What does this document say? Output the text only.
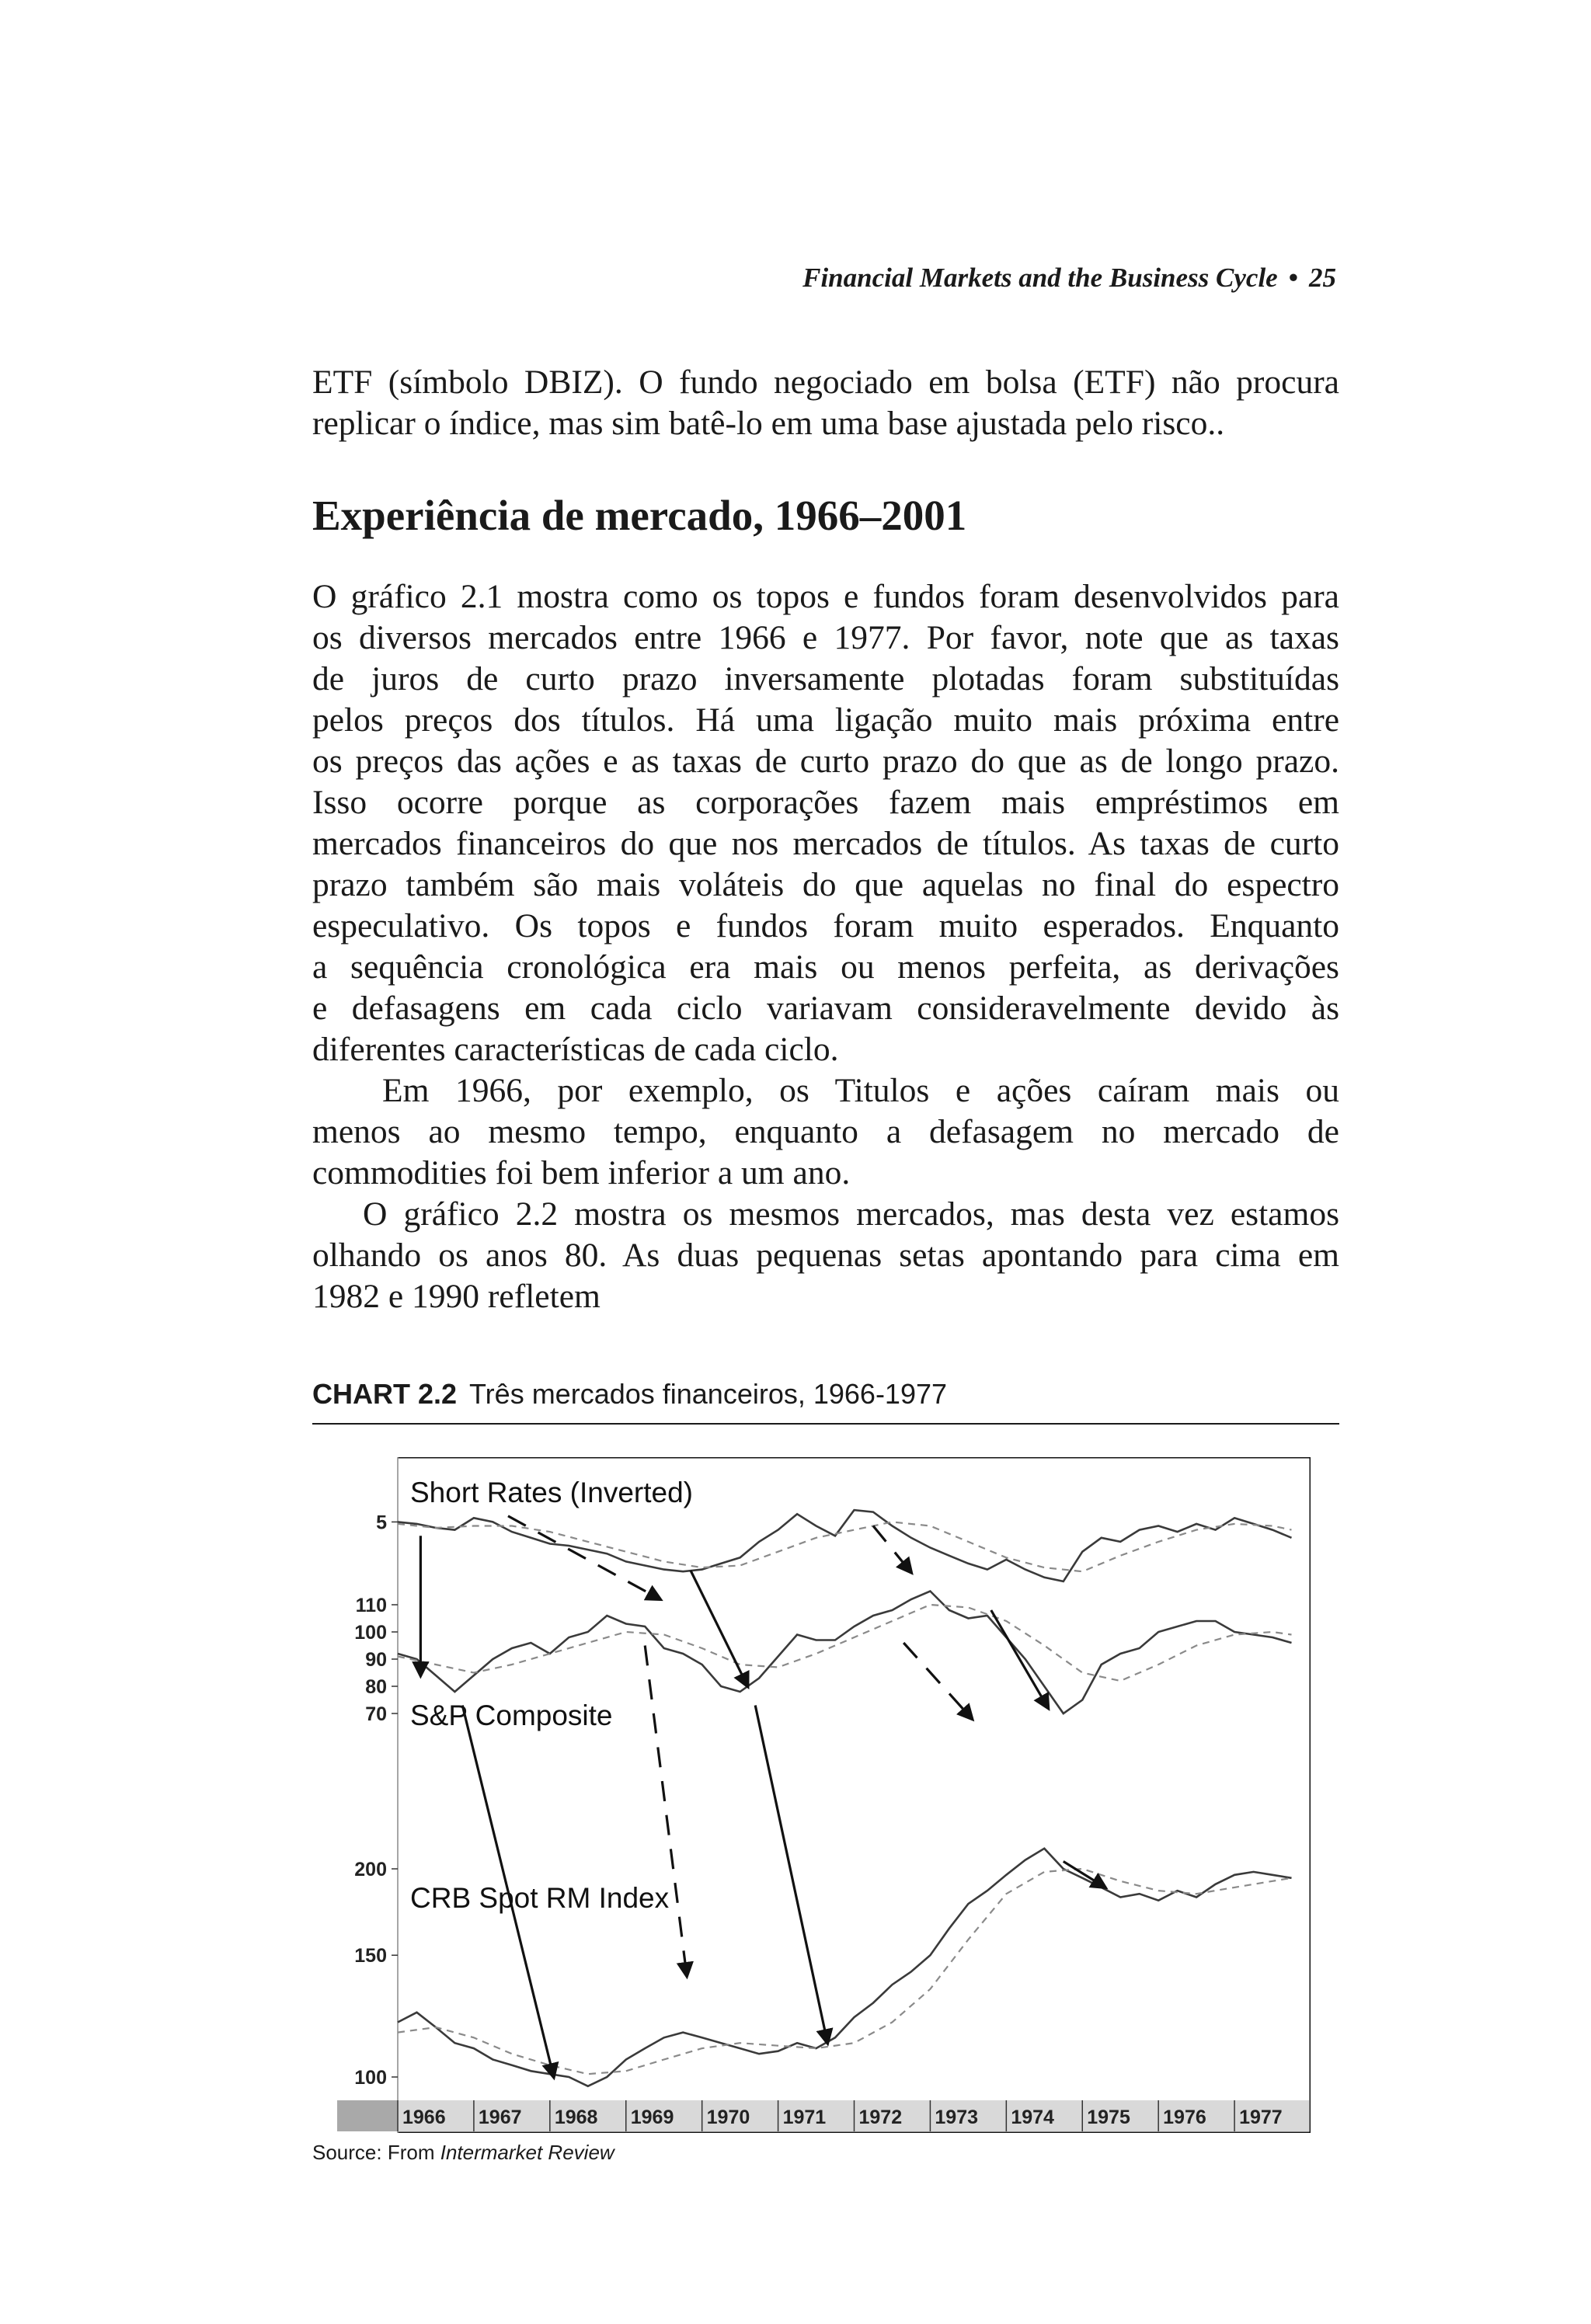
Financial Markets and the Business Cycle • 25

ETF (símbolo DBIZ). O fundo negociado em bolsa (ETF) não procura

replicar o índice, mas sim batê-lo em uma base ajustada pelo risco..

Experiência de mercado, 1966–2001

O gráfico 2.1 mostra como os topos e fundos foram desenvolvidos para

os diversos mercados entre 1966 e 1977. Por favor, note que as taxas

de juros de curto prazo inversamente plotadas foram substituídas

pelos preços dos títulos. Há uma ligação muito mais próxima entre

os preços das ações e as taxas de curto prazo do que as de longo prazo.

Isso ocorre porque as corporações fazem mais empréstimos em

mercados financeiros do que nos mercados de títulos. As taxas de curto

prazo também são mais voláteis do que aquelas no final do espectro

especulativo. Os topos e fundos foram muito esperados. Enquanto

a sequência cronológica era mais ou menos perfeita, as derivações

e defasagens em cada ciclo variavam consideravelmente devido às

diferentes características de cada ciclo.

Em 1966, por exemplo, os Titulos e ações caíram mais ou

menos ao mesmo tempo, enquanto a defasagem no mercado de

commodities foi bem inferior a um ano.

O gráfico 2.2 mostra os mesmos mercados, mas desta vez estamos

olhando os anos 80. As duas pequenas setas apontando para cima em

1982 e 1990 refletem

CHART 2.2 Três mercados financeiros, 1966-1977
5
110
100
90
80
70
200
150
100
1966 1967 1968 1969 1970 1971 1972 1973 1974 1975 1976 1977
Short Rates (Inverted)
S&P Composite
CRB Spot RM Index
Source: From Intermarket Review
